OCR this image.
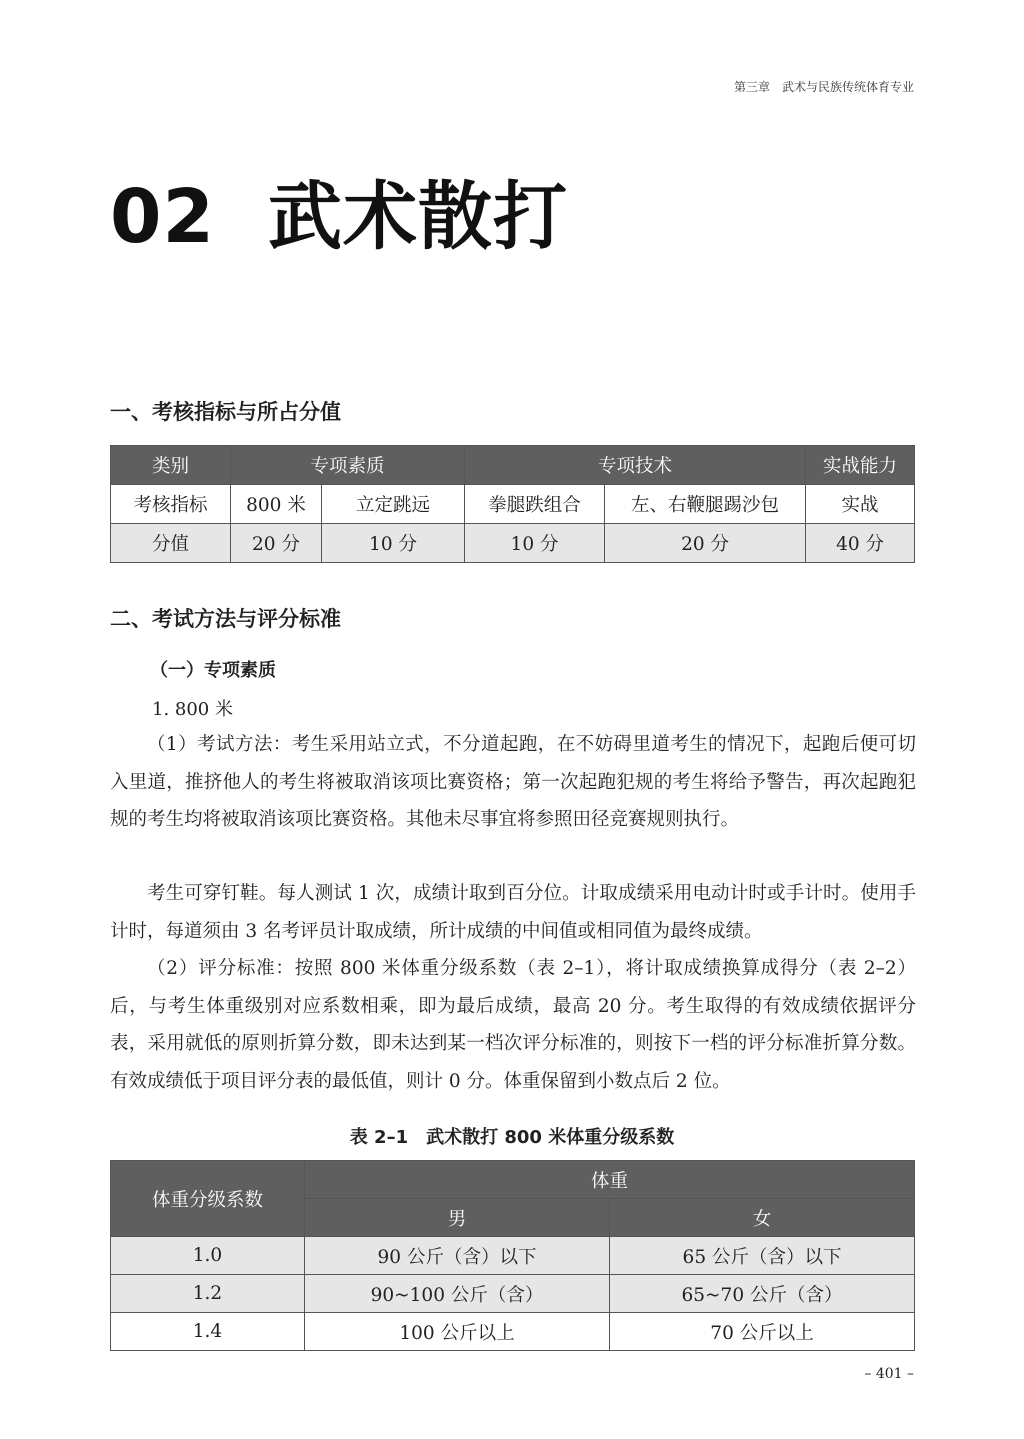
第三章　武术与民族传统体育专业
02 武术散打
一、考核指标与所占分值
类别	专项素质		专项技术		实战能力
考核指标	800 米	立定跳远	拳腿跌组合	左、右鞭腿踢沙包	实战
分值	20 分	10 分	10 分	20 分	40 分
二、考试方法与评分标准
（一）专项素质
1. 800 米

（1）考试方法：考生采用站立式，不分道起跑，在不妨碍里道考生的情况下，起跑后便可切入里道，推挤他人的考生将被取消该项比赛资格；第一次起跑犯规的考生将给予警告，再次起跑犯规的考生均将被取消该项比赛资格。其他未尽事宜将参照田径竞赛规则执行。

考生可穿钉鞋。每人测试 1 次，成绩计取到百分位。计取成绩采用电动计时或手计时。使用手计时，每道须由 3 名考评员计取成绩，所计成绩的中间值或相同值为最终成绩。

（2）评分标准：按照 800 米体重分级系数（表 2–1），将计取成绩换算成得分（表 2–2）后，与考生体重级别对应系数相乘，即为最后成绩，最高 20 分。考生取得的有效成绩依据评分表，采用就低的原则折算分数，即未达到某一档次评分标准的，则按下一档的评分标准折算分数。有效成绩低于项目评分表的最低值，则计 0 分。体重保留到小数点后 2 位。

表 2–1　武术散打 800 米体重分级系数
体重分级系数	体重	
	男	女
1.0	90 公斤（含）以下	65 公斤（含）以下
1.2	90~100 公斤（含）	65~70 公斤（含）
1.4	100 公斤以上	70 公斤以上
– 401 –
